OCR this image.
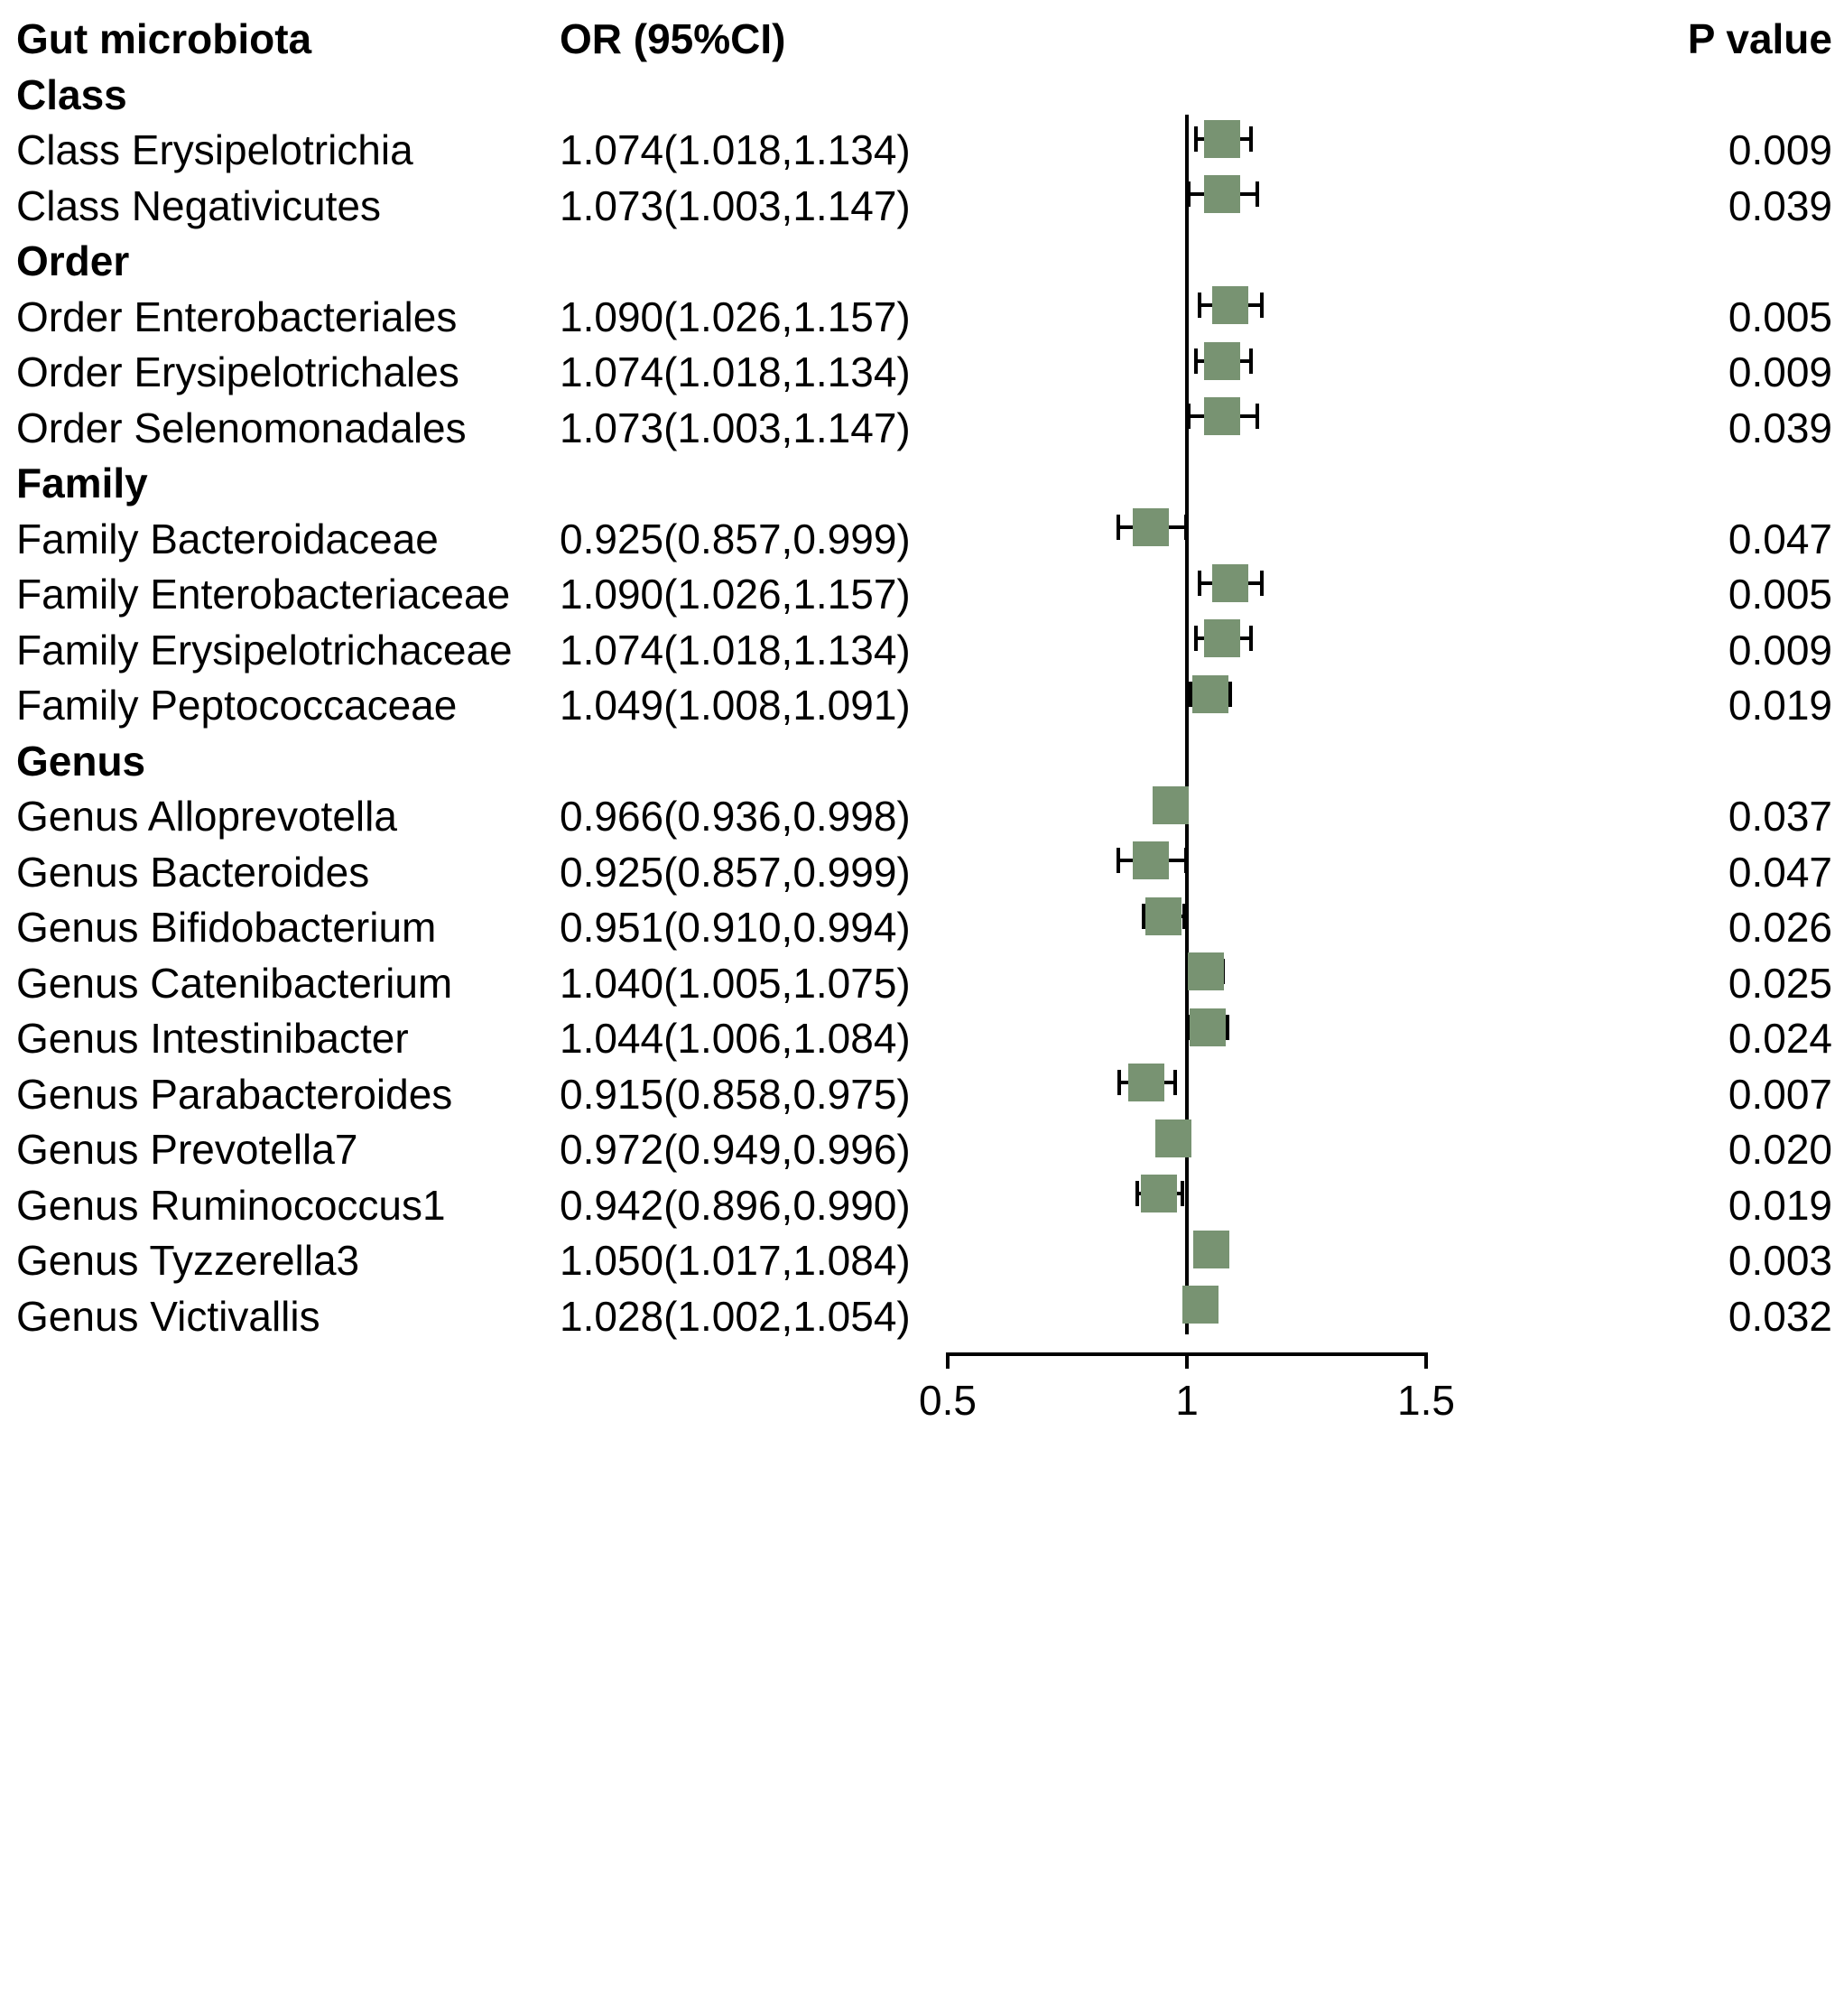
Gut microbiota	OR (95%CI)	P value
Class
Class Erysipelotrichia	1.074(1.018,1.134)	0.009
Class Negativicutes	1.073(1.003,1.147)	0.039
Order
Order Enterobacteriales 1.090(1.026,1.157)	0.005
Order Erysipelotrichales 1.074(1.018,1.134)	0.009
Order Selenomonadales 1.073(1.003,1.147)	0.039
Family
Family Bacteroidaceae	0.925(0.857,0.999)	0.047
Family Enterobacteriaceae 1.090(1.026,1.157)	0.005
Family Erysipelotrichaceae 1.074(1.018,1.134)	0.009
Family Peptococcaceae 1.049(1.008,1.091)	0.019
Genus
Genus Alloprevotella	0.966(0.936,0.998)	0.037
Genus Bacteroides	0.925(0.857,0.999)	0.047
Genus Bifidobacterium	0.951(0.910,0.994)	0.026
Genus Catenibacterium	1.040(1.005,1.075)	0.025
Genus Intestinibacter	1.044(1.006,1.084)	0.024
Genus Parabacteroides	0.915(0.858,0.975)	0.007
Genus Prevotella7	0.972(0.949,0.996)	0.020
Genus Ruminococcus1	0.942(0.896,0.990)	0.019
Genus Tyzzerella3	1.050(1.017,1.084)	0.003
Genus Victivallis	1.028(1.002,1.054)	0.032
0.5	1	1.5
